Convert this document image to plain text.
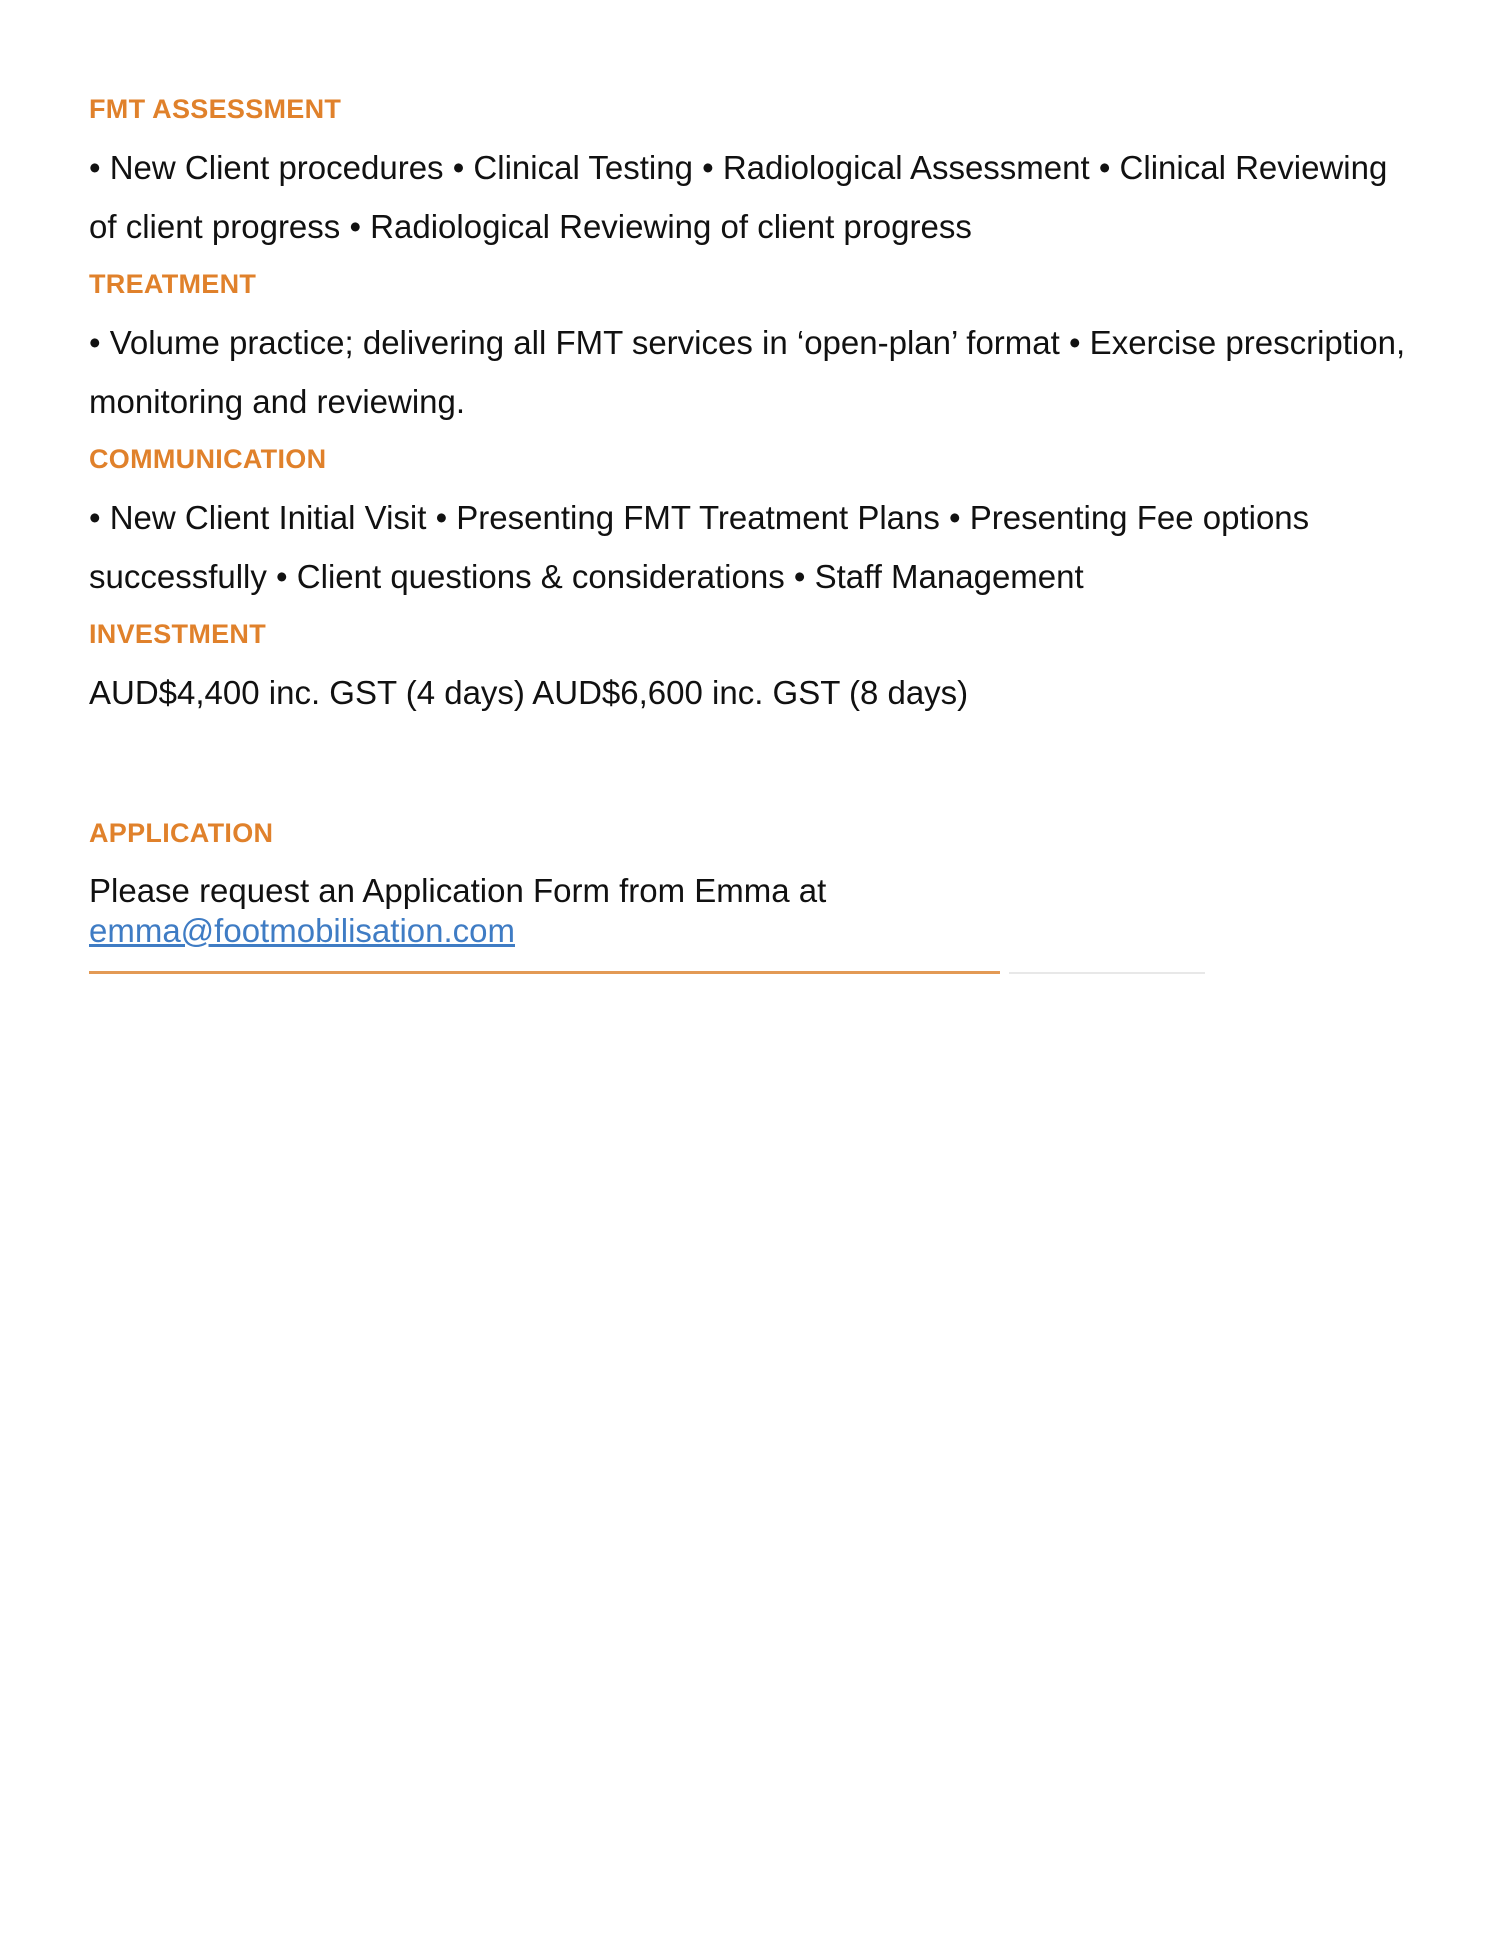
FMT ASSESSMENT

• New Client procedures • Clinical Testing • Radiological Assessment • Clinical Reviewing of client progress • Radiological Reviewing of client progress

TREATMENT

• Volume practice; delivering all FMT services in ‘open-plan’ format • Exercise prescription, monitoring and reviewing.

COMMUNICATION

• New Client Initial Visit • Presenting FMT Treatment Plans • Presenting Fee options successfully • Client questions & considerations • Staff Management

INVESTMENT

AUD$4,400 inc. GST (4 days) AUD$6,600 inc. GST (8 days)

APPLICATION

Please request an Application Form from Emma at

emma@footmobilisation.com
